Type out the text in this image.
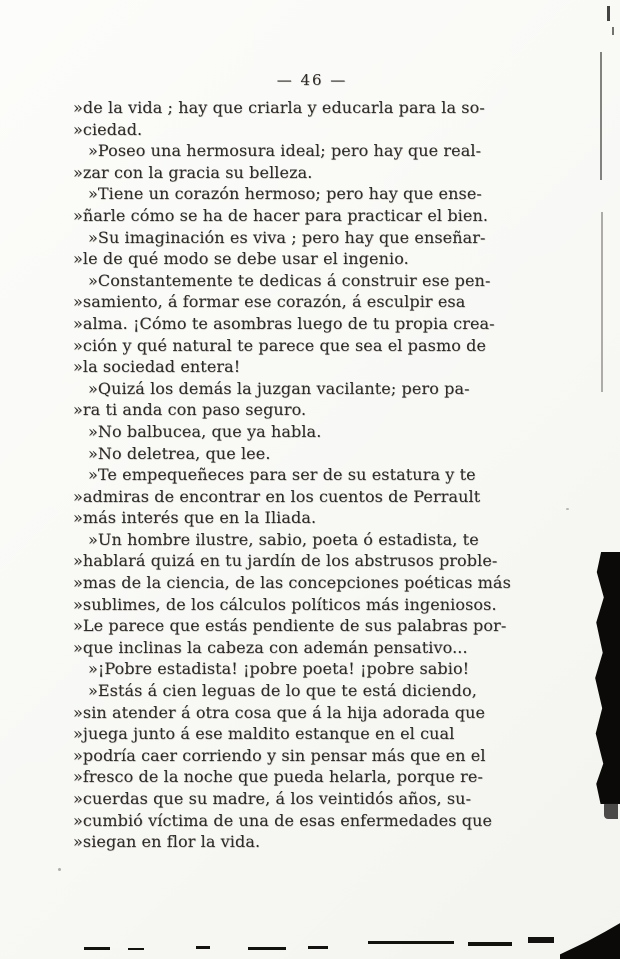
— 46 —
»de la vida ; hay que criarla y educarla para la so-
»ciedad.
»Poseo una hermosura ideal; pero hay que real-
»zar con la gracia su belleza.
»Tiene un corazón hermoso; pero hay que ense-
»ñarle cómo se ha de hacer para practicar el bien.
»Su imaginación es viva ; pero hay que enseñar-
»le de qué modo se debe usar el ingenio.
»Constantemente te dedicas á construir ese pen-
»samiento, á formar ese corazón, á esculpir esa
»alma. ¡Cómo te asombras luego de tu propia crea-
»ción y qué natural te parece que sea el pasmo de
»la sociedad entera!
»Quizá los demás la juzgan vacilante; pero pa-
»ra ti anda con paso seguro.
»No balbucea, que ya habla.
»No deletrea, que lee.
»Te empequeñeces para ser de su estatura y te
»admiras de encontrar en los cuentos de Perrault
»más interés que en la Iliada.
»Un hombre ilustre, sabio, poeta ó estadista, te
»hablará quizá en tu jardín de los abstrusos proble-
»mas de la ciencia, de las concepciones poéticas más
»sublimes, de los cálculos políticos más ingeniosos.
»Le parece que estás pendiente de sus palabras por-
»que inclinas la cabeza con ademán pensativo...
»¡Pobre estadista! ¡pobre poeta! ¡pobre sabio!
»Estás á cien leguas de lo que te está diciendo,
»sin atender á otra cosa que á la hija adorada que
»juega junto á ese maldito estanque en el cual
»podría caer corriendo y sin pensar más que en el
»fresco de la noche que pueda helarla, porque re-
»cuerdas que su madre, á los veintidós años, su-
»cumbió víctima de una de esas enfermedades que
»siegan en flor la vida.
